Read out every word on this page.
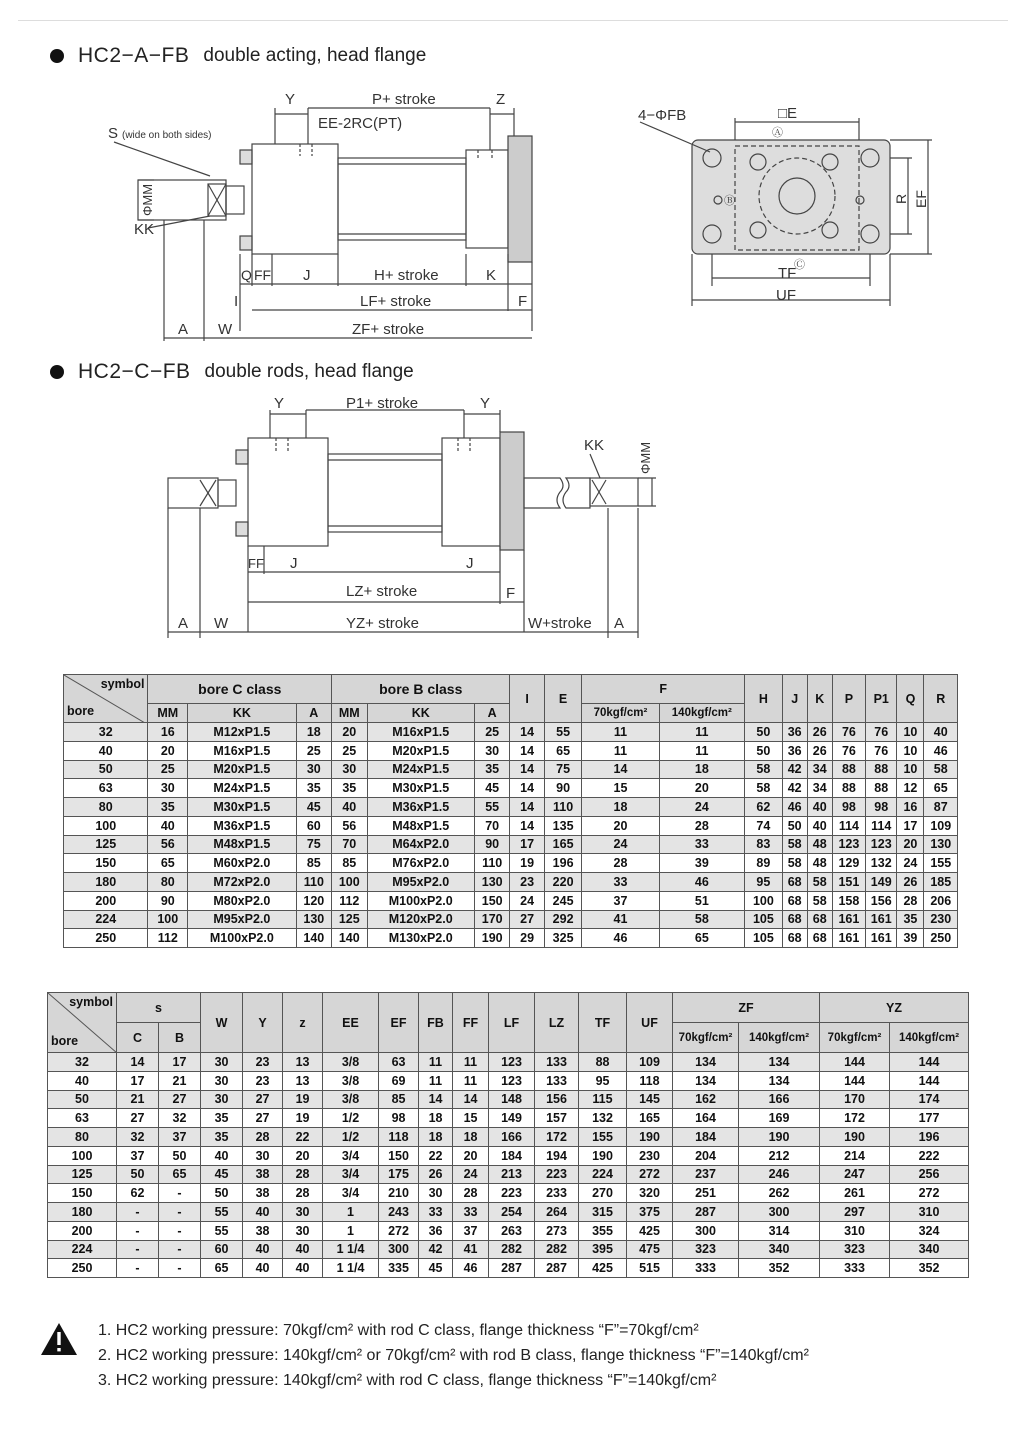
HC2−A−FB double acting, head flange
Y	P+ stroke	Z
EE-2RC(PT)
S (wide on both sides)
ΦMM
KK
Q FF J	H+ stroke	K
I	LF+ stroke	F
A W	ZF+ stroke
4−ΦFB	□E
Ⓐ
Ⓑ
Ⓒ
TF
UF
R EF
HC2−C−FB double rods, head flange
Y	P1+ stroke	Y
KK	ΦMM
FF J	J
LZ+ stroke	F
A W	YZ+ stroke	W+stroke A
symbol
bore	bore C class			bore B class			I	E	F		H	J	K	P	P1	Q	R
	MM	KK	A	MM	KK	A			70kgf/cm²	140kgf/cm²							
32	16	M12xP1.5	18	20	M16xP1.5	25	14	55	11	11	50	36	26	76	76	10	40
40	20	M16xP1.5	25	25	M20xP1.5	30	14	65	11	11	50	36	26	76	76	10	46
50	25	M20xP1.5	30	30	M24xP1.5	35	14	75	14	18	58	42	34	88	88	10	58
63	30	M24xP1.5	35	35	M30xP1.5	45	14	90	15	20	58	42	34	88	88	12	65
80	35	M30xP1.5	45	40	M36xP1.5	55	14	110	18	24	62	46	40	98	98	16	87
100	40	M36xP1.5	60	56	M48xP1.5	70	14	135	20	28	74	50	40	114	114	17	109
125	56	M48xP1.5	75	70	M64xP2.0	90	17	165	24	33	83	58	48	123	123	20	130
150	65	M60xP2.0	85	85	M76xP2.0	110	19	196	28	39	89	58	48	129	132	24	155
180	80	M72xP2.0	110	100	M95xP2.0	130	23	220	33	46	95	68	58	151	149	26	185
200	90	M80xP2.0	120	112	M100xP2.0	150	24	245	37	51	100	68	58	158	156	28	206
224	100	M95xP2.0	130	125	M120xP2.0	170	27	292	41	58	105	68	68	161	161	35	230
250	112	M100xP2.0	140	140	M130xP2.0	190	29	325	46	65	105	68	68	161	161	39	250
symbol
bore	s		W	Y	z	EE	EF	FB	FF	LF	LZ	TF	UF	ZF		YZ	
	C	B												70kgf/cm²	140kgf/cm²	70kgf/cm²	140kgf/cm²
32	14	17	30	23	13	3/8	63	11	11	123	133	88	109	134	134	144	144
40	17	21	30	23	13	3/8	69	11	11	123	133	95	118	134	134	144	144
50	21	27	30	27	19	3/8	85	14	14	148	156	115	145	162	166	170	174
63	27	32	35	27	19	1/2	98	18	15	149	157	132	165	164	169	172	177
80	32	37	35	28	22	1/2	118	18	18	166	172	155	190	184	190	190	196
100	37	50	40	30	20	3/4	150	22	20	184	194	190	230	204	212	214	222
125	50	65	45	38	28	3/4	175	26	24	213	223	224	272	237	246	247	256
150	62	-	50	38	28	3/4	210	30	28	223	233	270	320	251	262	261	272
180	-	-	55	40	30	1	243	33	33	254	264	315	375	287	300	297	310
200	-	-	55	38	30	1	272	36	37	263	273	355	425	300	314	310	324
224	-	-	60	40	40	1 1/4	300	42	41	282	282	395	475	323	340	323	340
250	-	-	65	40	40	1 1/4	335	45	46	287	287	425	515	333	352	333	352
1. HC2 working pressure: 70kgf/cm² with rod C class, flange thickness “F”=70kgf/cm²
2. HC2 working pressure: 140kgf/cm² or 70kgf/cm² with rod B class, flange thickness “F”=140kgf/cm²
3. HC2 working pressure: 140kgf/cm² with rod C class, flange thickness “F”=140kgf/cm²
